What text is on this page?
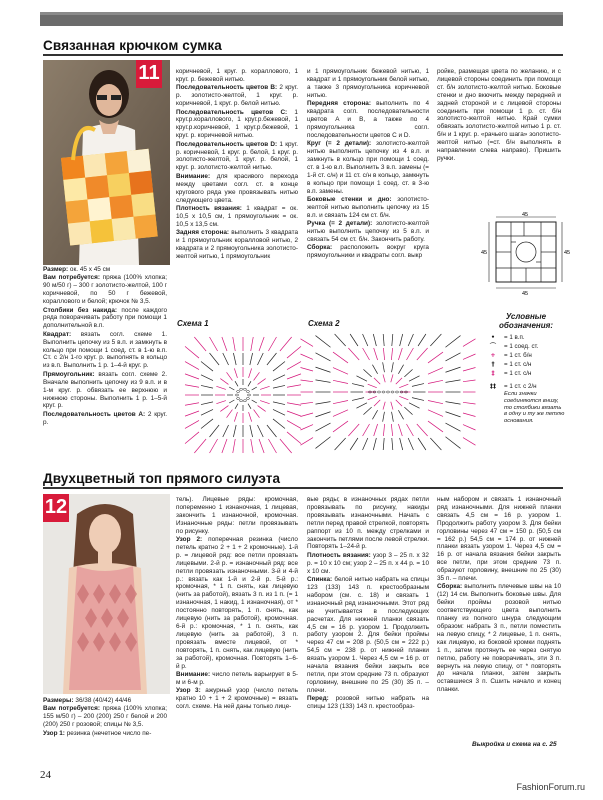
Связанная крючком сумка
11

Размер: ок. 45 х 45 см

Вам потребуется: пряжа (100% хлопка; 90 м/50 г) – 300 г золотисто-желтой, 100 г коричневой, по 50 г бежевой, кораллового и белой; крючок № 3,5.

Столбики без накида: после каждого ряда поворачивать работу при помощи 1 дополнительной в.п.

Квадрат: вязать согл. схеме 1. Выполнить цепочку из 5 в.п. и замкнуть в кольцо при помощи 1 соед. ст. в 1-ю в.п. Ст. с 2/н 1-го круг. р. выполнять в кольцо из в.п. Выполнить 1 р. 1–4-й круг. р.

Прямоугольник: вязать согл. схеме 2. Вначале выполнить цепочку из 9 в.п. и в 1-м круг. р. обвязать ее верхнюю и нижнюю стороны. Выполнить 1 р. 1–5-й круг. р.

Последовательность цветов А: 2 круг. р.

коричневой, 1 круг. р. кораллового, 1 круг. р. бежевой нитью.

Последовательность цветов B: 2 круг. р. золотисто-желтой, 1 круг. р. коричневой, 1 круг. р. белой нитью.

Последовательность цветов C: 1 круг.р.кораллового, 1 круг.р.бежевой, 1 круг.р.коричневой, 1 круг.р.бежевой, 1 круг. р. коричневой нитью.

Последовательность цветов D: 1 круг. р. коричневой, 1 круг. р. белой, 1 круг. р. золотисто-желтой, 1 круг. р. белой, 1 круг. р. золотисто-желтой нитью.

Внимание: для красивого перехода между цветами согл. ст. в конце кругового ряда уже провязывать нитью следующего цвета.

Плотность вязания: 1 квадрат = ок. 10,5 х 10,5 см, 1 прямоугольник = ок. 10,5 х 13,5 см.

Задняя сторона: выполнить 3 квадрата и 1 прямоугольник коралловой нитью, 2 квадрата и 2 прямоугольника золотисто-желтой нитью, 1 прямоугольник

и 1 прямоугольник бежевой нитью, 1 квадрат и 1 прямоугольник белой нитью, а также 3 прямоугольника коричневой нитью.

Передняя сторона: выполнить по 4 квадрата согл. последовательности цветов A и B, а также по 4 прямоугольника согл. последовательности цветов C и D.

Круг (= 2 детали): золотисто-желтой нитью выполнить цепочку из 4 в.п. и замкнуть в кольцо при помощи 1 соед. ст. в 1-ю в.п. Выполнить 3 в.п. замены (= 1-й ст. с/н) и 11 ст. с/н в кольцо, замкнуть в кольцо при помощи 1 соед. ст. в 3-ю в.п. замены.

Боковые стенки и дно: золотисто-желтой нитью выполнить цепочку из 15 в.п. и связать 124 см ст. б/н.

Ручка (= 2 детали): золотисто-желтой нитью выполнить цепочку из 5 в.п. и связать 54 см ст. б/н. Закончить работу.

Сборка: расположить вокруг круга прямоугольники и квадраты согл. выкр

ройке, размещая цвета по желанию, и с лицевой стороны соединить при помощи ст. б/н золотисто-желтой нитью. Боковые стенки и дно вкючить между передней и задней стороной и с лицевой стороны соединить при помощи 1 р. ст. б/н золотисто-желтой нитью. Край сумки обвязать золотисто-желтой нитью 1 р. ст. б/н и 1 круг. р. «рачьего шага» золотисто-желтой нитью (=ст. б/н выполнять в направлении слева направо). Пришить ручки.

45
45	45
45
Схема 1	Схема 2
Условные обозначения:
•	= 1 в.п.
⌒	= 1 соед. ст.
+	= 1 ст. б/н
†	= 1 ст. с/н
‡	= 1 ст. с/н
‡‡	= 1 ст. с 2/н
Если значки соединяются внизу, то столбики вязать в одну и ту же петлю основания.
Двухцветный топ прямого силуэта
12

Размеры: 36/38 (40/42) 44/46

Вам потребуется: пряжа (100% хлопка; 155 м/50 г) – 200 (200) 250 г белой и 200 (200) 250 г розовой; спицы № 3,5.

Узор 1: резинка (нечетное число пе-

тель). Лицевые ряды: кромочная, попеременно 1 изнаночная, 1 лицевая, закончить 1 изнаночной, кромочная. Изнаночные ряды: петли провязывать по рисунку.

Узор 2: поперечная резинка (число петель кратно 2 + 1 + 2 кромочные). 1-й р. = лицевой ряд: все петли провязать лицевыми. 2-й р. = изнаночный ряд: все петли провязать изнаночными. 3-й и 4-й р.: вязать как 1-й и 2-й р. 5-й р.: кромочная, * 1 п. снять, как лицевую (нить за работой), вязать 3 п. из 1 п. (= 1 изнаночная, 1 накид, 1 изнаночная), от * постоянно повторять, 1 п. снять, как лицевую (нить за работой), кромочная. 6-й р.: кромочная, * 1 п. снять, как лицевую (нить за работой), 3 п. провязать вместе лицевой, от * повторять, 1 п. снять, как лицевую (нить за работой), кромочная. Повторять 1–6-й р.

Внимание: число петель варьирует в 5-м и 6-м р.

Узор 3: ажурный узор (число петель кратно 10 + 1 + 2 кромочные) = вязать согл. схеме. На ней даны только лице-

вые ряды; в изнаночных рядах петли провязывать по рисунку, накиды провязывать изнаночными. Начать с петли перед правой стрелкой, повторять раппорт из 10 п. между стрелками и закончить петлями после левой стрелки. Повторять 1–24-й р.

Плотность вязания: узор 3 – 25 п. х 32 р. = 10 х 10 см; узор 2 – 25 п. х 44 р. = 10 х 10 см.

Спинка: белой нитью набрать на спицы 123 (133) 143 п. крестообразным набором (см. с. 18) и связать 1 изнаночный ряд изнаночными. Этот ряд не учитывается в последующих расчетах. Для нижней планки связать 4,5 см = 16 р. узором 1. Продолжить работу узором 2. Для бейки проймы через 47 см = 208 р. (50,5 см = 222 р.) 54,5 см = 238 р. от нижней планки вязать узором 1. Через 4,5 см = 16 р. от начала вязания бейки закрыть все петли, при этом средние 73 п. образуют горловину, внешние по 25 (30) 35 п. – плечи.

Перед: розовой нитью набрать на спицы 123 (133) 143 п. крестообраз-

ным набором и связать 1 изнаночный ряд изнаночными. Для нижней планки связать 4,5 см = 16 р. узором 1. Продолжить работу узором 3. Для бейки горловины через 47 см = 150 р. (50,5 см = 162 р.) 54,5 см = 174 р. от нижней планки вязать узором 1. Через 4,5 см = 16 р. от начала вязания бейки закрыть все петли, при этом средние 73 п. образуют горловину, внешние по 25 (30) 35 п. – плечи.

Сборка: выполнить плечевые швы на 10 (12) 14 см. Выполнить боковые швы. Для бейки проймы розовой нитью соответствующего цвета выполнить планку из полного шнура следующим образом: набрать 3 п., петли поместить на левую спицу, * 2 лицевые, 1 п. снять, как лицевую, из боковой кромки поднять 1 п., затем протянуть ее через снятую петлю, работу не поворачивать, эти 3 п. вернуть на левую спицу, от * повторять до начала планки, затем закрыть оставшиеся 3 п. Сшить начало и конец планки.

Выкройка и схема на с. 25
24
FashionForum.ru
